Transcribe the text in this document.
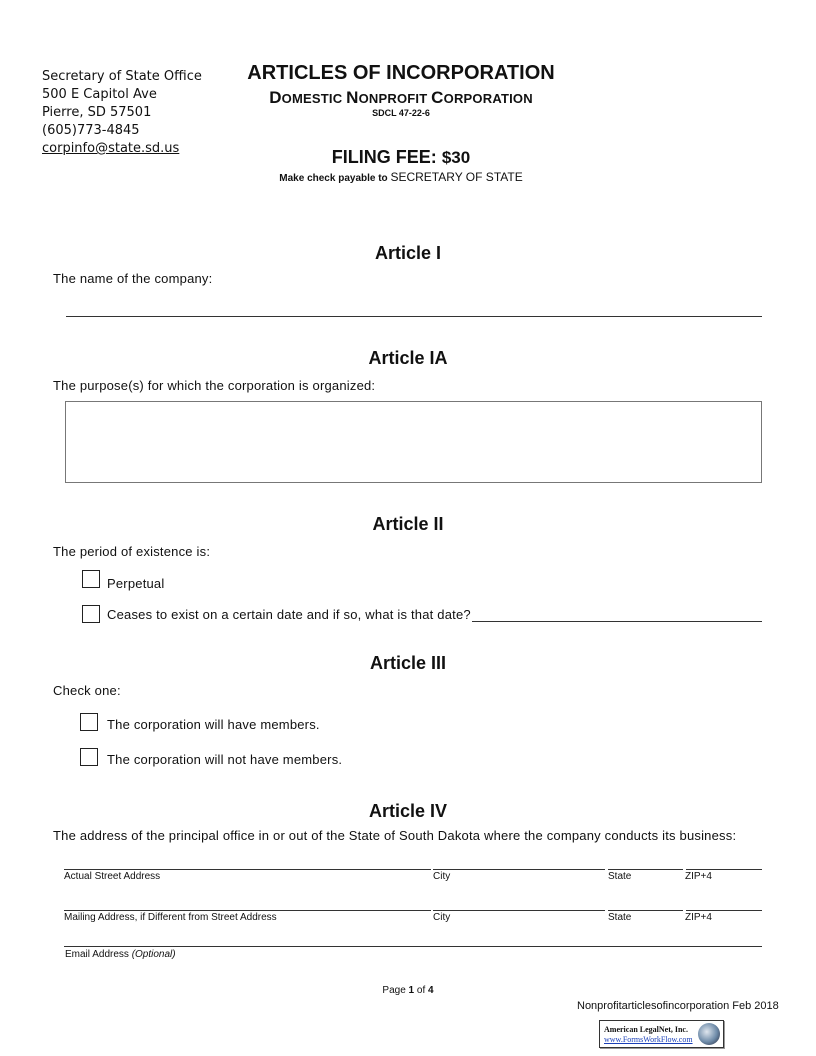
Secretary of State Office
500 E Capitol Ave
Pierre, SD 57501
(605)773-4845
corpinfo@state.sd.us
ARTICLES OF INCORPORATION
DOMESTIC NONPROFIT CORPORATION
SDCL 47-22-6
FILING FEE: $30
Make check payable to SECRETARY OF STATE
Article I
The name of the company:
Article IA
The purpose(s) for which the corporation is organized:
Article II
The period of existence is:
Perpetual
Ceases to exist on a certain date and if so, what is that date?
Article III
Check one:
The corporation will have members.
The corporation will not have members.
Article IV
The address of the principal office in or out of the State of South Dakota where the company conducts its business:
Actual Street Address	City	State	ZIP+4
Mailing Address, if Different from Street Address	City	State	ZIP+4
Email Address (Optional)
Page 1 of 4
Nonprofitarticlesofincorporation Feb 2018
American LegalNet, Inc.
www.FormsWorkFlow.com
